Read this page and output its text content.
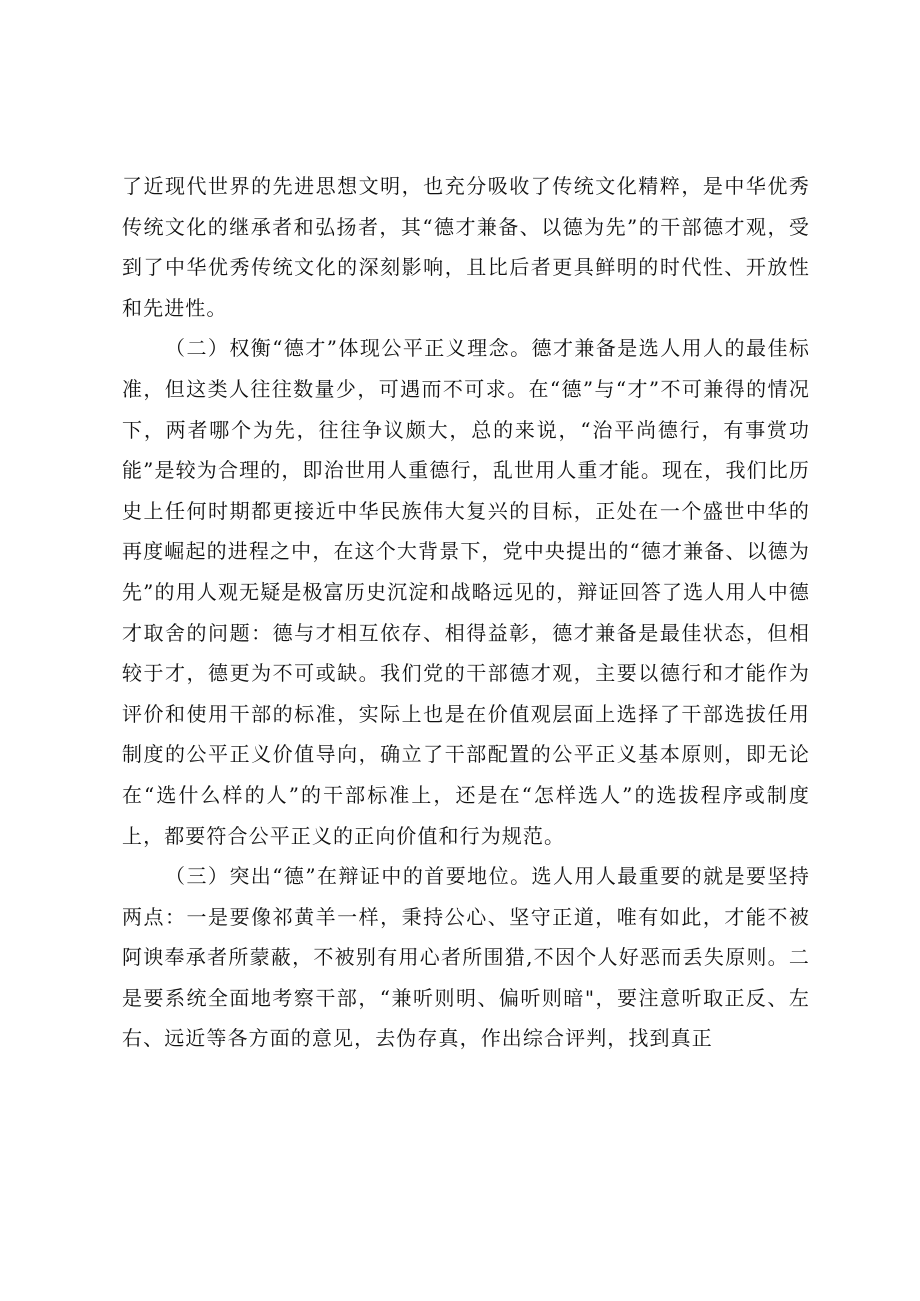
了近现代世界的先进思想文明，也充分吸收了传统文化精粹，是中华优秀传统文化的继承者和弘扬者，其“德才兼备、以德为先”的干部德才观，受到了中华优秀传统文化的深刻影响，且比后者更具鲜明的时代性、开放性和先进性。

（二）权衡“德才”体现公平正义理念。德才兼备是选人用人的最佳标准，但这类人往往数量少，可遇而不可求。在“德”与“才”不可兼得的情况下，两者哪个为先，往往争议颇大，总的来说，“治平尚德行，有事赏功能”是较为合理的，即治世用人重德行，乱世用人重才能。现在，我们比历史上任何时期都更接近中华民族伟大复兴的目标，正处在一个盛世中华的再度崛起的进程之中，在这个大背景下，党中央提出的“德才兼备、以德为先”的用人观无疑是极富历史沉淀和战略远见的，辩证回答了选人用人中德才取舍的问题：德与才相互依存、相得益彰，德才兼备是最佳状态，但相较于才，德更为不可或缺。我们党的干部德才观，主要以德行和才能作为评价和使用干部的标准，实际上也是在价值观层面上选择了干部选拔任用制度的公平正义价值导向，确立了干部配置的公平正义基本原则，即无论在“选什么样的人”的干部标准上，还是在“怎样选人”的选拔程序或制度上，都要符合公平正义的正向价值和行为规范。

（三）突出“德”在辩证中的首要地位。选人用人最重要的就是要坚持两点：一是要像祁黄羊一样，秉持公心、坚守正道，唯有如此，才能不被阿谀奉承者所蒙蔽，不被别有用心者所围猎,不因个人好恶而丢失原则。二是要系统全面地考察干部，“兼听则明、偏听则暗"，要注意听取正反、左右、远近等各方面的意见，去伪存真，作出综合评判，找到真正
